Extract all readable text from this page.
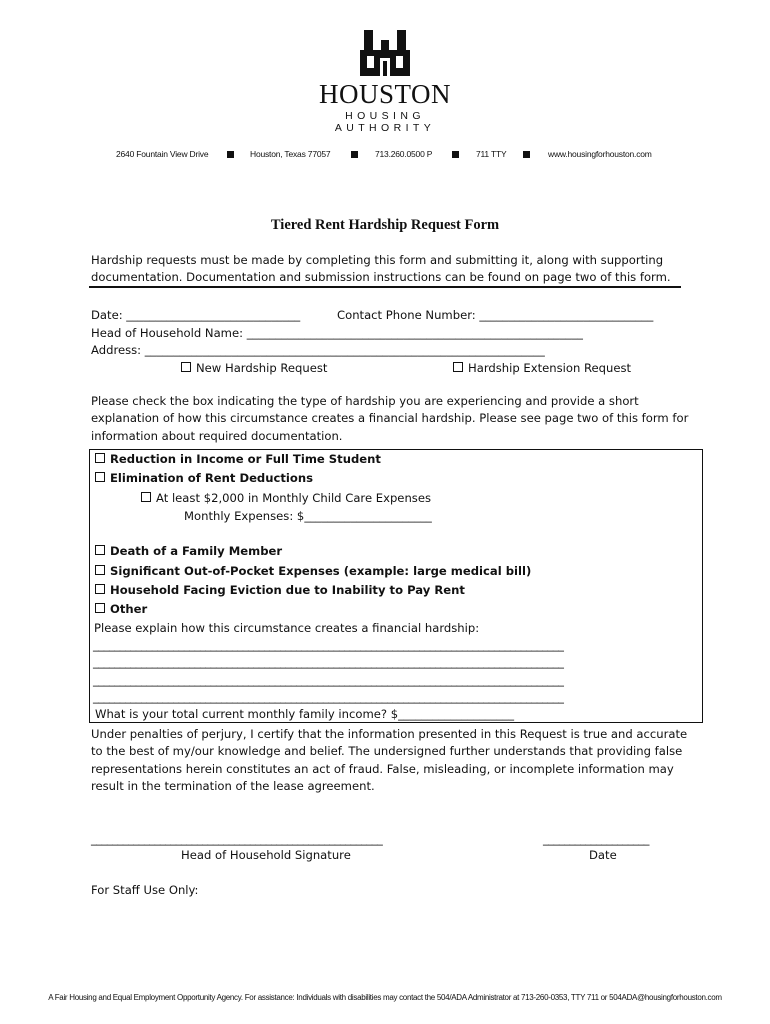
HOUSTON
HOUSING AUTHORITY
2640 Fountain View Drive	Houston, Texas 77057	713.260.0500 P	711 TTY	www.housingforhouston.com
Tiered Rent Hardship Request Form
Hardship requests must be made by completing this form and submitting it, along with supporting
documentation. Documentation and submission instructions can be found on page two of this form.
Date: ______________________________	Contact Phone Number: ______________________________
Head of Household Name: __________________________________________________________
Address: _____________________________________________________________________
New Hardship Request	Hardship Extension Request
Please check the box indicating the type of hardship you are experiencing and provide a short
explanation of how this circumstance creates a financial hardship. Please see page two of this form for
information about required documentation.
Reduction in Income or Full Time Student
Elimination of Rent Deductions
At least $2,000 in Monthly Child Care Expenses
Monthly Expenses: $______________________
Death of a Family Member
Significant Out-of-Pocket Expenses (example: large medical bill)
Household Facing Eviction due to Inability to Pay Rent
Other
Please explain how this circumstance creates a financial hardship:
________________________________________________________________________________________
________________________________________________________________________________________
________________________________________________________________________________________
________________________________________________________________________________________
What is your total current monthly family income? $____________________
Under penalties of perjury, I certify that the information presented in this Request is true and accurate
to the best of my/our knowledge and belief. The undersigned further understands that providing false
representations herein constitutes an act of fraud. False, misleading, or incomplete information may
result in the termination of the lease agreement.
_______________________________________________________	____________________
Head of Household Signature	Date
For Staff Use Only:
A Fair Housing and Equal Employment Opportunity Agency. For assistance: Individuals with disabilities may contact the 504/ADA Administrator at 713-260-0353, TTY 711 or 504ADA@housingforhouston.com
